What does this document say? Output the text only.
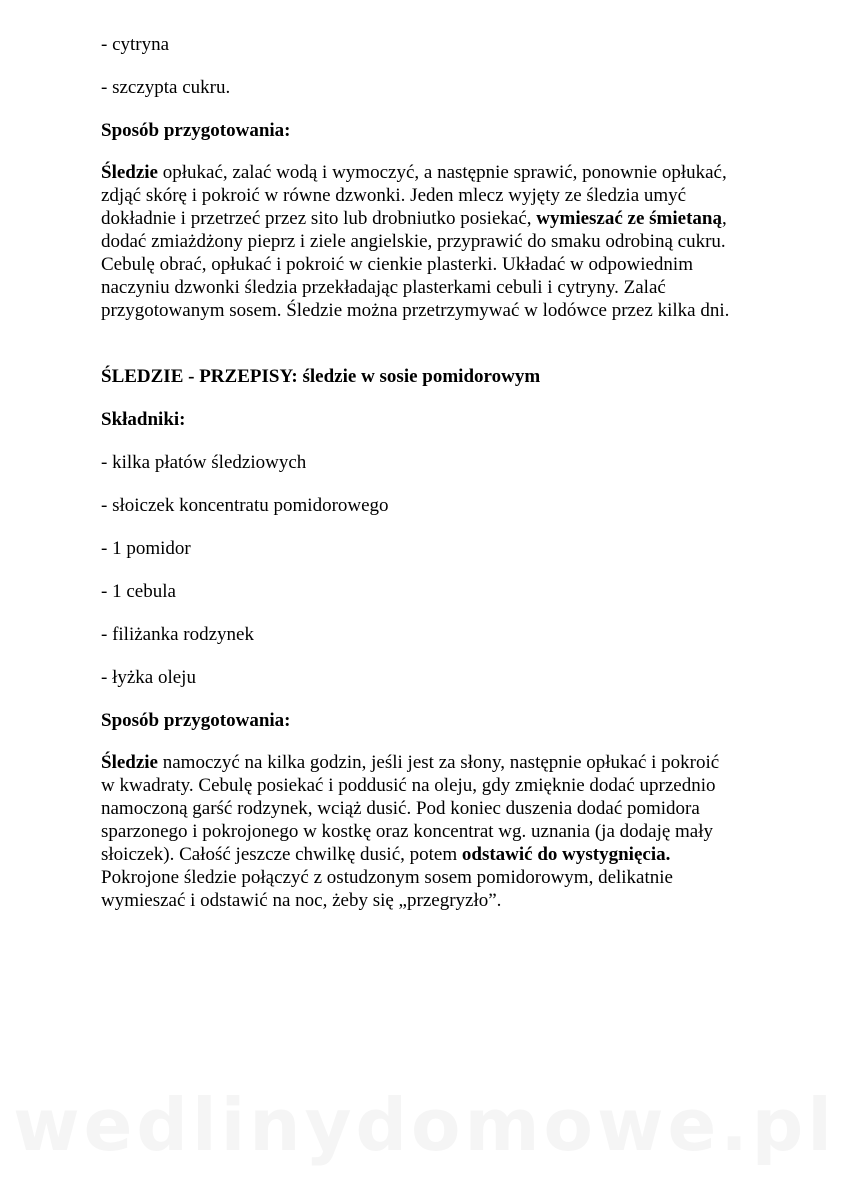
- cytryna
- szczypta cukru.
Sposób przygotowania:

Śledzie opłukać, zalać wodą i wymoczyć, a następnie sprawić, ponownie opłukać, zdjąć skórę i pokroić w równe dzwonki. Jeden mlecz wyjęty ze śledzia umyć dokładnie i przetrzeć przez sito lub drobniutko posiekać, wymieszać ze śmietaną, dodać zmiażdżony pieprz i ziele angielskie, przyprawić do smaku odrobiną cukru. Cebulę obrać, opłukać i pokroić w cienkie plasterki. Układać w odpowiednim naczyniu dzwonki śledzia przekładając plasterkami cebuli i cytryny. Zalać przygotowanym sosem. Śledzie można przetrzymywać w lodówce przez kilka dni.

ŚLEDZIE - PRZEPISY: śledzie w sosie pomidorowym
Składniki:
- kilka płatów śledziowych
- słoiczek koncentratu pomidorowego
- 1 pomidor
- 1 cebula
- filiżanka rodzynek
- łyżka oleju
Sposób przygotowania:

Śledzie namoczyć na kilka godzin, jeśli jest za słony, następnie opłukać i pokroić w kwadraty. Cebulę posiekać i poddusić na oleju, gdy zmięknie dodać uprzednio namoczoną garść rodzynek, wciąż dusić. Pod koniec duszenia dodać pomidora sparzonego i pokrojonego w kostkę oraz koncentrat wg. uznania (ja dodaję mały słoiczek). Całość jeszcze chwilkę dusić, potem odstawić do wystygnięcia. Pokrojone śledzie połączyć z ostudzonym sosem pomidorowym, delikatnie wymieszać i odstawić na noc, żeby się „przegryzło”.

wedlinydomowe.pl
